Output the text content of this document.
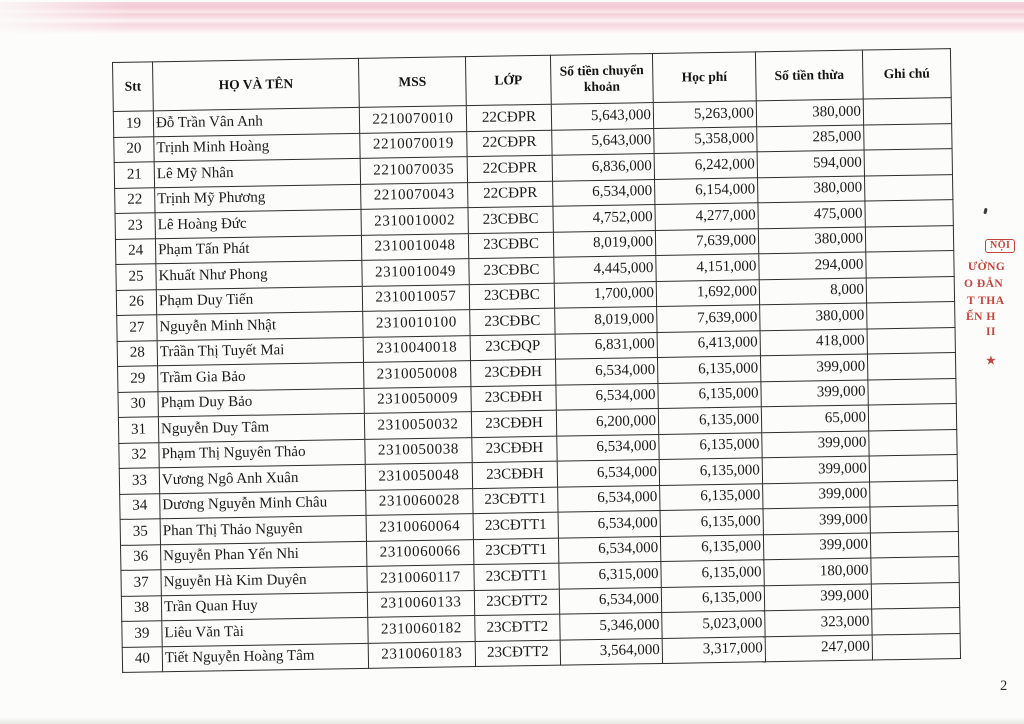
Stt	HỌ VÀ TÊN	MSS	LỚP	Số tiền chuyển khoản	Học phí	Số tiền thừa	Ghi chú
19	Đỗ Trần Vân Anh	2210070010	22CĐPR	5,643,000	5,263,000	380,000	
20	Trịnh Minh Hoàng	2210070019	22CĐPR	5,643,000	5,358,000	285,000	
21	Lê Mỹ Nhân	2210070035	22CĐPR	6,836,000	6,242,000	594,000	
22	Trịnh Mỹ Phương	2210070043	22CĐPR	6,534,000	6,154,000	380,000	
23	Lê Hoàng Đức	2310010002	23CĐBC	4,752,000	4,277,000	475,000	
24	Phạm Tấn Phát	2310010048	23CĐBC	8,019,000	7,639,000	380,000	
25	Khuất Như Phong	2310010049	23CĐBC	4,445,000	4,151,000	294,000	
26	Phạm Duy Tiến	2310010057	23CĐBC	1,700,000	1,692,000	8,000	
27	Nguyễn Minh Nhật	2310010100	23CĐBC	8,019,000	7,639,000	380,000	
28	Trâần Thị Tuyết Mai	2310040018	23CĐQP	6,831,000	6,413,000	418,000	
29	Trầm Gia Bảo	2310050008	23CĐĐH	6,534,000	6,135,000	399,000	
30	Phạm Duy Bảo	2310050009	23CĐĐH	6,534,000	6,135,000	399,000	
31	Nguyễn Duy Tâm	2310050032	23CĐĐH	6,200,000	6,135,000	65,000	
32	Phạm Thị Nguyên Thảo	2310050038	23CĐĐH	6,534,000	6,135,000	399,000	
33	Vương Ngô Anh Xuân	2310050048	23CĐĐH	6,534,000	6,135,000	399,000	
34	Dương Nguyễn Minh Châu	2310060028	23CĐTT1	6,534,000	6,135,000	399,000	
35	Phan Thị Thảo Nguyên	2310060064	23CĐTT1	6,534,000	6,135,000	399,000	
36	Nguyễn Phan Yến Nhi	2310060066	23CĐTT1	6,534,000	6,135,000	399,000	
37	Nguyễn Hà Kim Duyên	2310060117	23CĐTT1	6,315,000	6,135,000	180,000	
38	Trần Quan Huy	2310060133	23CĐTT2	6,534,000	6,135,000	399,000	
39	Liêu Văn Tài	2310060182	23CĐTT2	5,346,000	5,023,000	323,000	
40	Tiết Nguyễn Hoàng Tâm	2310060183	23CĐTT2	3,564,000	3,317,000	247,000	
NỘI
ƯỜNG
O ĐẲN
T THA
ẾN H
II
★
2
